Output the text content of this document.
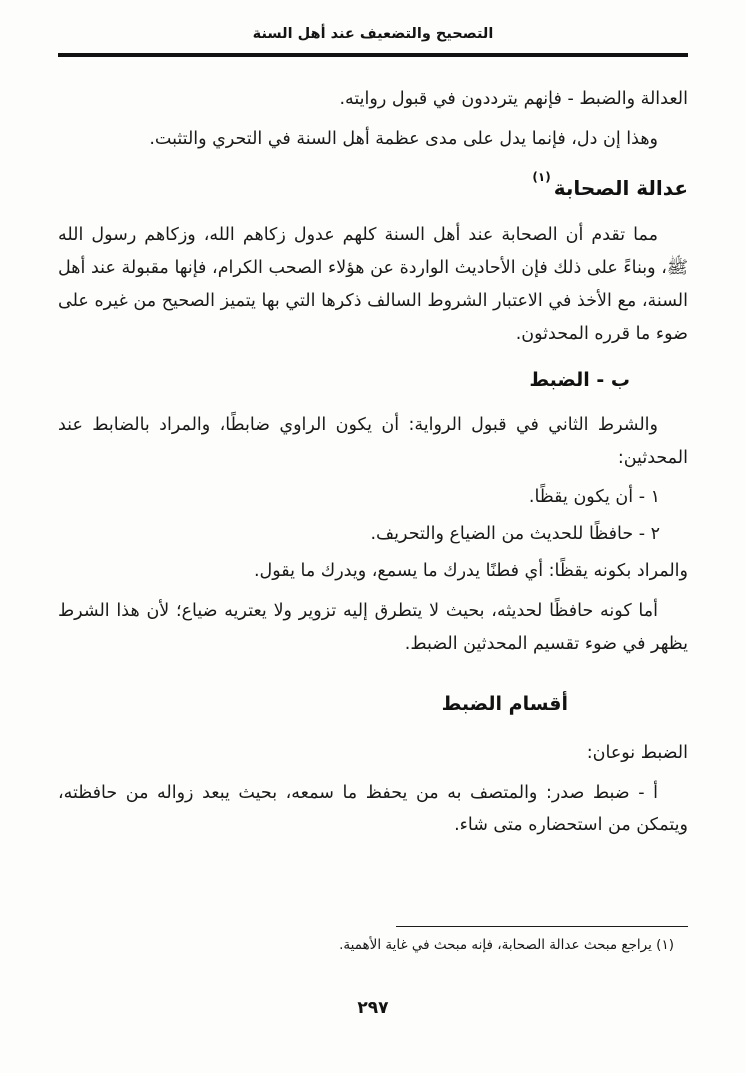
التصحيح والتضعيف عند أهل السنة

العدالة والضبط - فإنهم يترددون في قبول روايته.

وهذا إن دل، فإنما يدل على مدى عظمة أهل السنة في التحري والتثبت.

عدالة الصحابة$^{(١)}$

مما تقدم أن الصحابة عند أهل السنة كلهم عدول زكاهم الله، وزكاهم رسول الله ﷺ، وبناءً على ذلك فإن الأحاديث الواردة عن هؤلاء الصحب الكرام، فإنها مقبولة عند أهل السنة، مع الأخذ في الاعتبار الشروط السالف ذكرها التي بها يتميز الصحيح من غيره على ضوء ما قرره المحدثون.

ب - الضبط

والشرط الثاني في قبول الرواية: أن يكون الراوي ضابطًا، والمراد بالضابط عند المحدثين:

١ - أن يكون يقظًا.

٢ - حافظًا للحديث من الضياع والتحريف.

والمراد بكونه يقظًا: أي فطنًا يدرك ما يسمع، ويدرك ما يقول.

أما كونه حافظًا لحديثه، بحيث لا يتطرق إليه تزوير ولا يعتريه ضياع؛ لأن هذا الشرط يظهر في ضوء تقسيم المحدثين الضبط.

أقسام الضبط

الضبط نوعان:

أ - ضبط صدر: والمتصف به من يحفظ ما سمعه، بحيث يبعد زواله من حافظته، ويتمكن من استحضاره متى شاء.

(١) يراجع مبحث عدالة الصحابة، فإنه مبحث في غاية الأهمية.

٢٩٧
